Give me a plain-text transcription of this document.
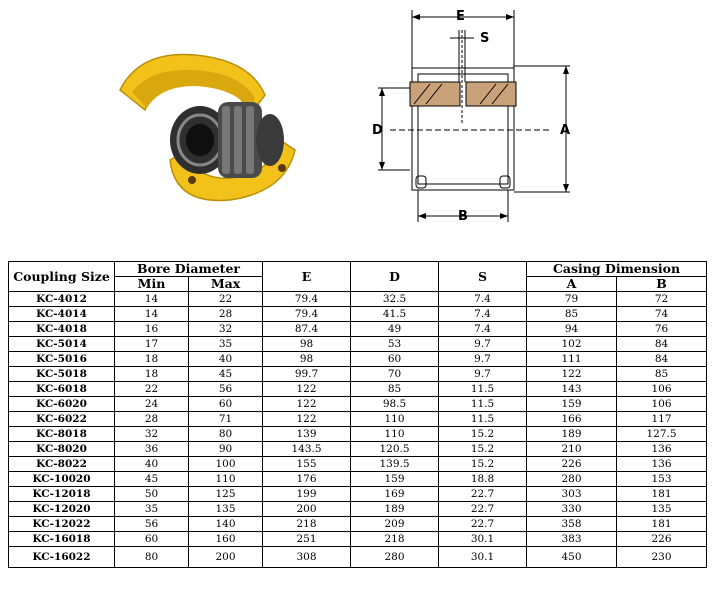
E
S
D	A
B
Coupling Size	Bore Diameter		E	D	S	Casing Dimension	
	Min	Max				A	B
KC-4012	14	22	79.4	32.5	7.4	79	72
KC-4014	14	28	79.4	41.5	7.4	85	74
KC-4018	16	32	87.4	49	7.4	94	76
KC-5014	17	35	98	53	9.7	102	84
KC-5016	18	40	98	60	9.7	111	84
KC-5018	18	45	99.7	70	9.7	122	85
KC-6018	22	56	122	85	11.5	143	106
KC-6020	24	60	122	98.5	11.5	159	106
KC-6022	28	71	122	110	11.5	166	117
KC-8018	32	80	139	110	15.2	189	127.5
KC-8020	36	90	143.5	120.5	15.2	210	136
KC-8022	40	100	155	139.5	15.2	226	136
KC-10020	45	110	176	159	18.8	280	153
KC-12018	50	125	199	169	22.7	303	181
KC-12020	35	135	200	189	22.7	330	135
KC-12022	56	140	218	209	22.7	358	181
KC-16018	60	160	251	218	30.1	383	226
KC-16022	80	200	308	280	30.1	450	230
